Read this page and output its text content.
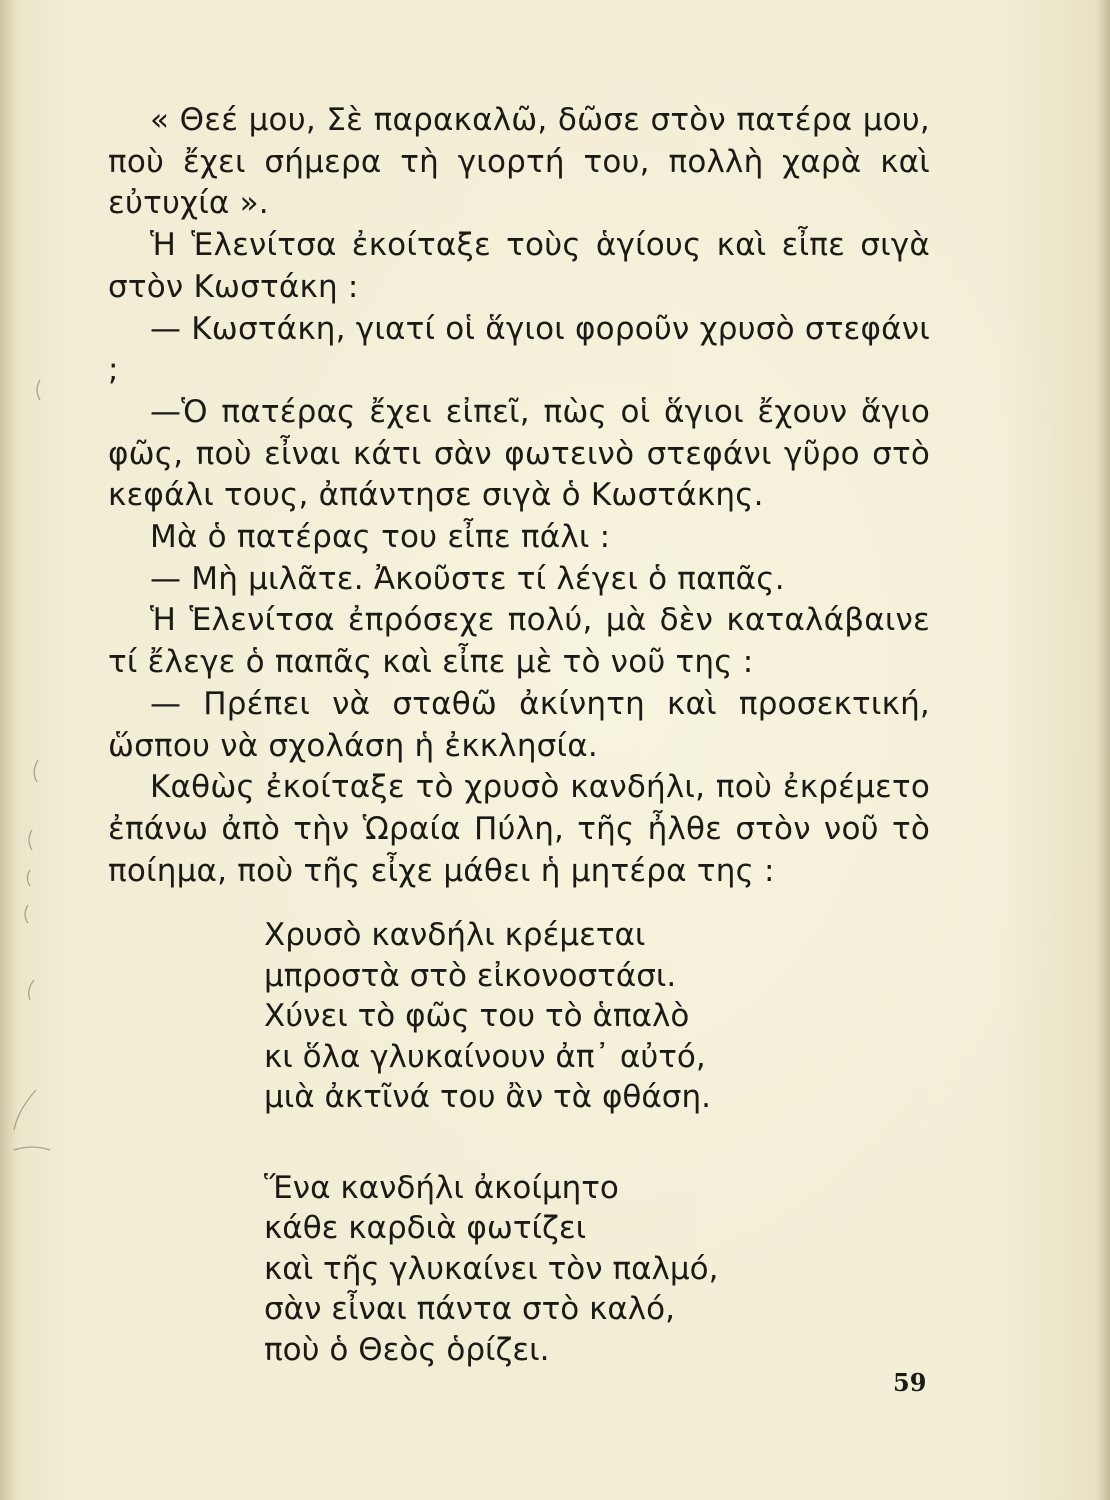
« Θεέ μου, Σὲ παρακαλῶ, δῶσε στὸν πατέρα μου, ποὺ ἔχει σήμερα τὴ γιορτή του, πολλὴ χαρὰ καὶ εὐτυχία ».

Ἡ Ἑλενίτσα ἐκοίταξε τοὺς ἁγίους καὶ εἶπε σιγὰ στὸν Κωστάκη :

— Κωστάκη, γιατί οἱ ἅγιοι φοροῦν χρυσὸ στεφάνι ;

—Ὁ πατέρας ἔχει εἰπεῖ, πὼς οἱ ἅγιοι ἔχουν ἅγιο φῶς, ποὺ εἶναι κάτι σὰν φωτεινὸ στεφάνι γῦρο στὸ κεφάλι τους, ἀπάντησε σιγὰ ὁ Κωστάκης.

Μὰ ὁ πατέρας του εἶπε πάλι :

— Μὴ μιλᾶτε. Ἀκοῦστε τί λέγει ὁ παπᾶς.

Ἡ Ἑλενίτσα ἐπρόσεχε πολύ, μὰ δὲν καταλάβαινε τί ἔλεγε ὁ παπᾶς καὶ εἶπε μὲ τὸ νοῦ της :

— Πρέπει νὰ σταθῶ ἀκίνητη καὶ προσεκτική, ὥσπου νὰ σχολάση ἡ ἐκκλησία.

Καθὼς ἐκοίταξε τὸ χρυσὸ κανδήλι, ποὺ ἐκρέμετο ἐπάνω ἀπὸ τὴν Ὡραία Πύλη, τῆς ἦλθε στὸν νοῦ τὸ ποίημα, ποὺ τῆς εἶχε μάθει ἡ μητέρα της :

Χρυσὸ κανδήλι κρέμεται
μπροστὰ στὸ εἰκονοστάσι.
Χύνει τὸ φῶς του τὸ ἁπαλὸ
κι ὅλα γλυκαίνουν ἀπ᾽ αὐτό,
μιὰ ἀκτῖνά του ἂν τὰ φθάση.
Ἕνα κανδήλι ἀκοίμητο
κάθε καρδιὰ φωτίζει
καὶ τῆς γλυκαίνει τὸν παλμό,
σὰν εἶναι πάντα στὸ καλό,
ποὺ ὁ Θεὸς ὁρίζει.
59
